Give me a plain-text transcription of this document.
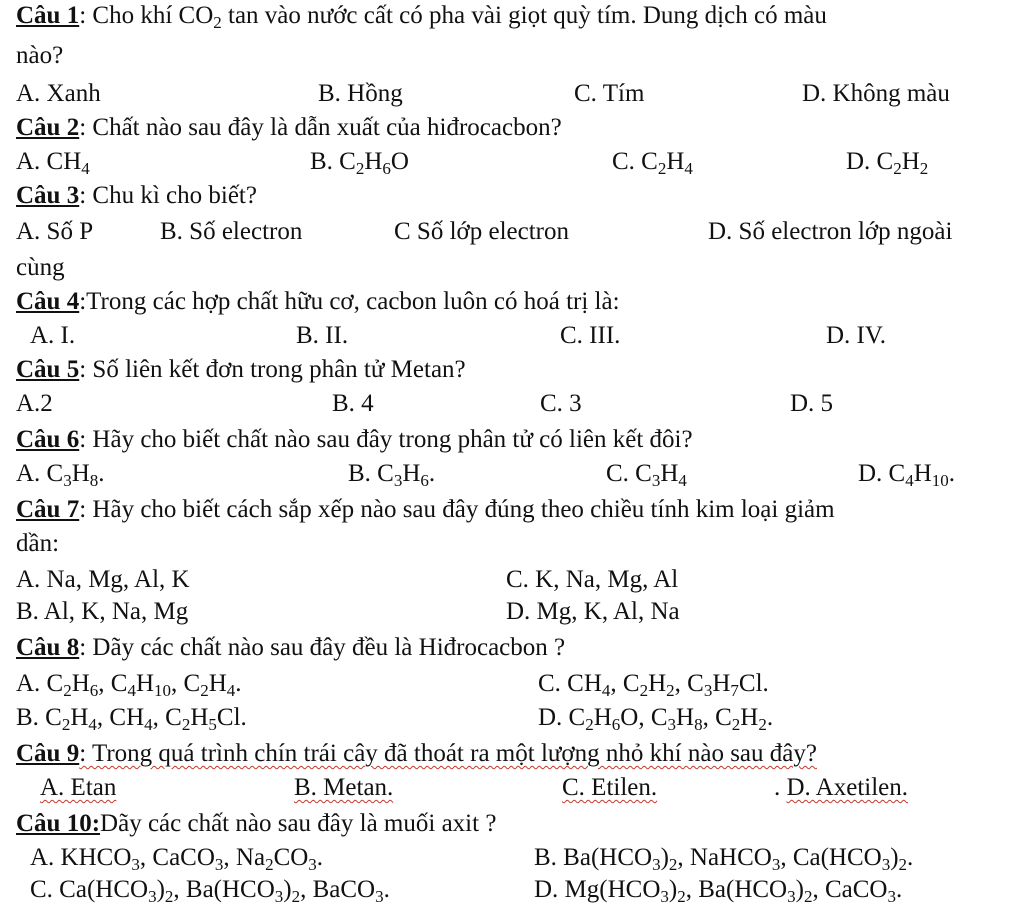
Câu 1: Cho khí $CO_2$ tan vào nước cất có pha vài giọt quỳ tím. Dung dịch có màu
nào?
A. Xanh	B. Hồng	C. Tím	D. Không màu
Câu 2: Chất nào sau đây là dẫn xuất của hiđrocacbon?
A. $CH_4$	B. $C_2H_6O$	C. $C_2H_4$	D. $C_2H_2$
Câu 3: Chu kì cho biết?
A. Số P	B. Số electron	C Số lớp electron	D. Số electron lớp ngoài
cùng
Câu 4:Trong các hợp chất hữu cơ, cacbon luôn có hoá trị là:
A. I.	B. II.	C. III.	D. IV.
Câu 5: Số liên kết đơn trong phân tử Metan?
A.2	B. 4	C. 3	D. 5
Câu 6: Hãy cho biết chất nào sau đây trong phân tử có liên kết đôi?
A. $C_3H_8$.	B. $C_3H_6$.	C. $C_3H_4$	D. $C_4H_{10}$.
Câu 7: Hãy cho biết cách sắp xếp nào sau đây đúng theo chiều tính kim loại giảm
dần:
A. Na, Mg, Al, K	C. K, Na, Mg, Al
B. Al, K, Na, Mg	D. Mg, K, Al, Na
Câu 8: Dãy các chất nào sau đây đều là Hiđrocacbon ?
A. $C_2H_6$, $C_4H_{10}$, $C_2H_4$.	C. $CH_4$, $C_2H_2$, $C_3H_7Cl$.
B. $C_2H_4$, $CH_4$, $C_2H_5Cl$.	D. $C_2H_6O$, $C_3H_8$, $C_2H_2$.
Câu 9: Trong quá trình chín trái cây đã thoát ra một lượng nhỏ khí nào sau đây?
A. Etan	B. Metan.	C. Etilen.	. D. Axetilen.
Câu 10:Dãy các chất nào sau đây là muối axit ?
A. $KHCO_3$, CaCO$_3$, $Na_2CO_3$.	B. $Ba(HCO_3)_2$, NaHCO$_3$, $Ca(HCO_3)_2$.
C. $Ca(HCO_3)_2$, $Ba(HCO_3)_2$, BaCO$_3$.	D. $Mg(HCO_3)_2$, $Ba(HCO_3)_2$, CaCO$_3$.
